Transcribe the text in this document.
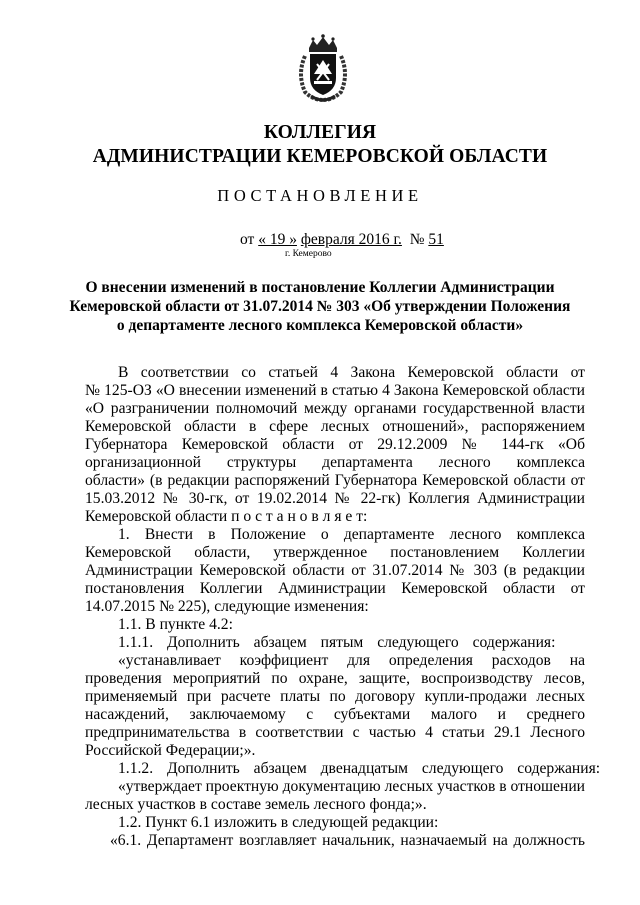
КОЛЛЕГИЯ
АДМИНИСТРАЦИИ КЕМЕРОВСКОЙ ОБЛАСТИ
ПОСТАНОВЛЕНИЕ
от « 19 » февраля 2016 г. № 51
г. Кемерово
О внесении изменений в постановление Коллегии Администрации
Кемеровской области от 31.07.2014 № 303 «Об утверждении Положения
о департаменте лесного комплекса Кемеровской области»
В соответствии со статьей 4 Закона Кемеровской области от
№ 125-ОЗ «О внесении изменений в статью 4 Закона Кемеровской области
«О разграничении полномочий между органами государственной власти
Кемеровской области в сфере лесных отношений», распоряжением
Губернатора Кемеровской области от 29.12.2009 № 144-гк «Об
организационной структуры департамента лесного комплекса
области» (в редакции распоряжений Губернатора Кемеровской области от
15.03.2012 № 30-гк, от 19.02.2014 № 22-гк) Коллегия Администрации
Кемеровской области п о с т а н о в л я е т:
1. Внести в Положение о департаменте лесного комплекса
Кемеровской области, утвержденное постановлением Коллегии
Администрации Кемеровской области от 31.07.2014 № 303 (в редакции
постановления Коллегии Администрации Кемеровской области от
14.07.2015 № 225), следующие изменения:
1.1. В пункте 4.2:
1.1.1. Дополнить абзацем пятым следующего содержания:
«устанавливает коэффициент для определения расходов на
проведения мероприятий по охране, защите, воспроизводству лесов,
применяемый при расчете платы по договору купли-продажи лесных
насаждений, заключаемому с субъектами малого и среднего
предпринимательства в соответствии с частью 4 статьи 29.1 Лесного
Российской Федерации;».
1.1.2. Дополнить абзацем двенадцатым следующего содержания:
«утверждает проектную документацию лесных участков в отношении
лесных участков в составе земель лесного фонда;».
1.2. Пункт 6.1 изложить в следующей редакции:
«6.1. Департамент возглавляет начальник, назначаемый на должность
